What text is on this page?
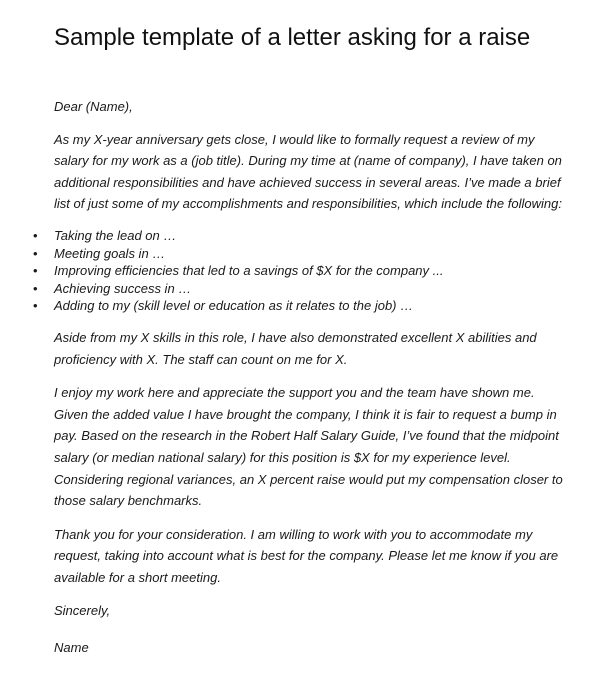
Sample template of a letter asking for a raise

Dear (Name),

As my X-year anniversary gets close, I would like to formally request a review of my salary for my work as a (job title). During my time at (name of company), I have taken on additional responsibilities and have achieved success in several areas. I’ve made a brief list of just some of my accomplishments and responsibilities, which include the following:

• Taking the lead on …
• Meeting goals in …
• Improving efficiencies that led to a savings of $X for the company ...
• Achieving success in …
• Adding to my (skill level or education as it relates to the job) …

Aside from my X skills in this role, I have also demonstrated excellent X abilities and proficiency with X. The staff can count on me for X.

I enjoy my work here and appreciate the support you and the team have shown me. Given the added value I have brought the company, I think it is fair to request a bump in pay. Based on the research in the Robert Half Salary Guide, I’ve found that the midpoint salary (or median national salary) for this position is $X for my experience level. Considering regional variances, an X percent raise would put my compensation closer to those salary benchmarks.

Thank you for your consideration. I am willing to work with you to accommodate my request, taking into account what is best for the company. Please let me know if you are available for a short meeting.

Sincerely,

Name
